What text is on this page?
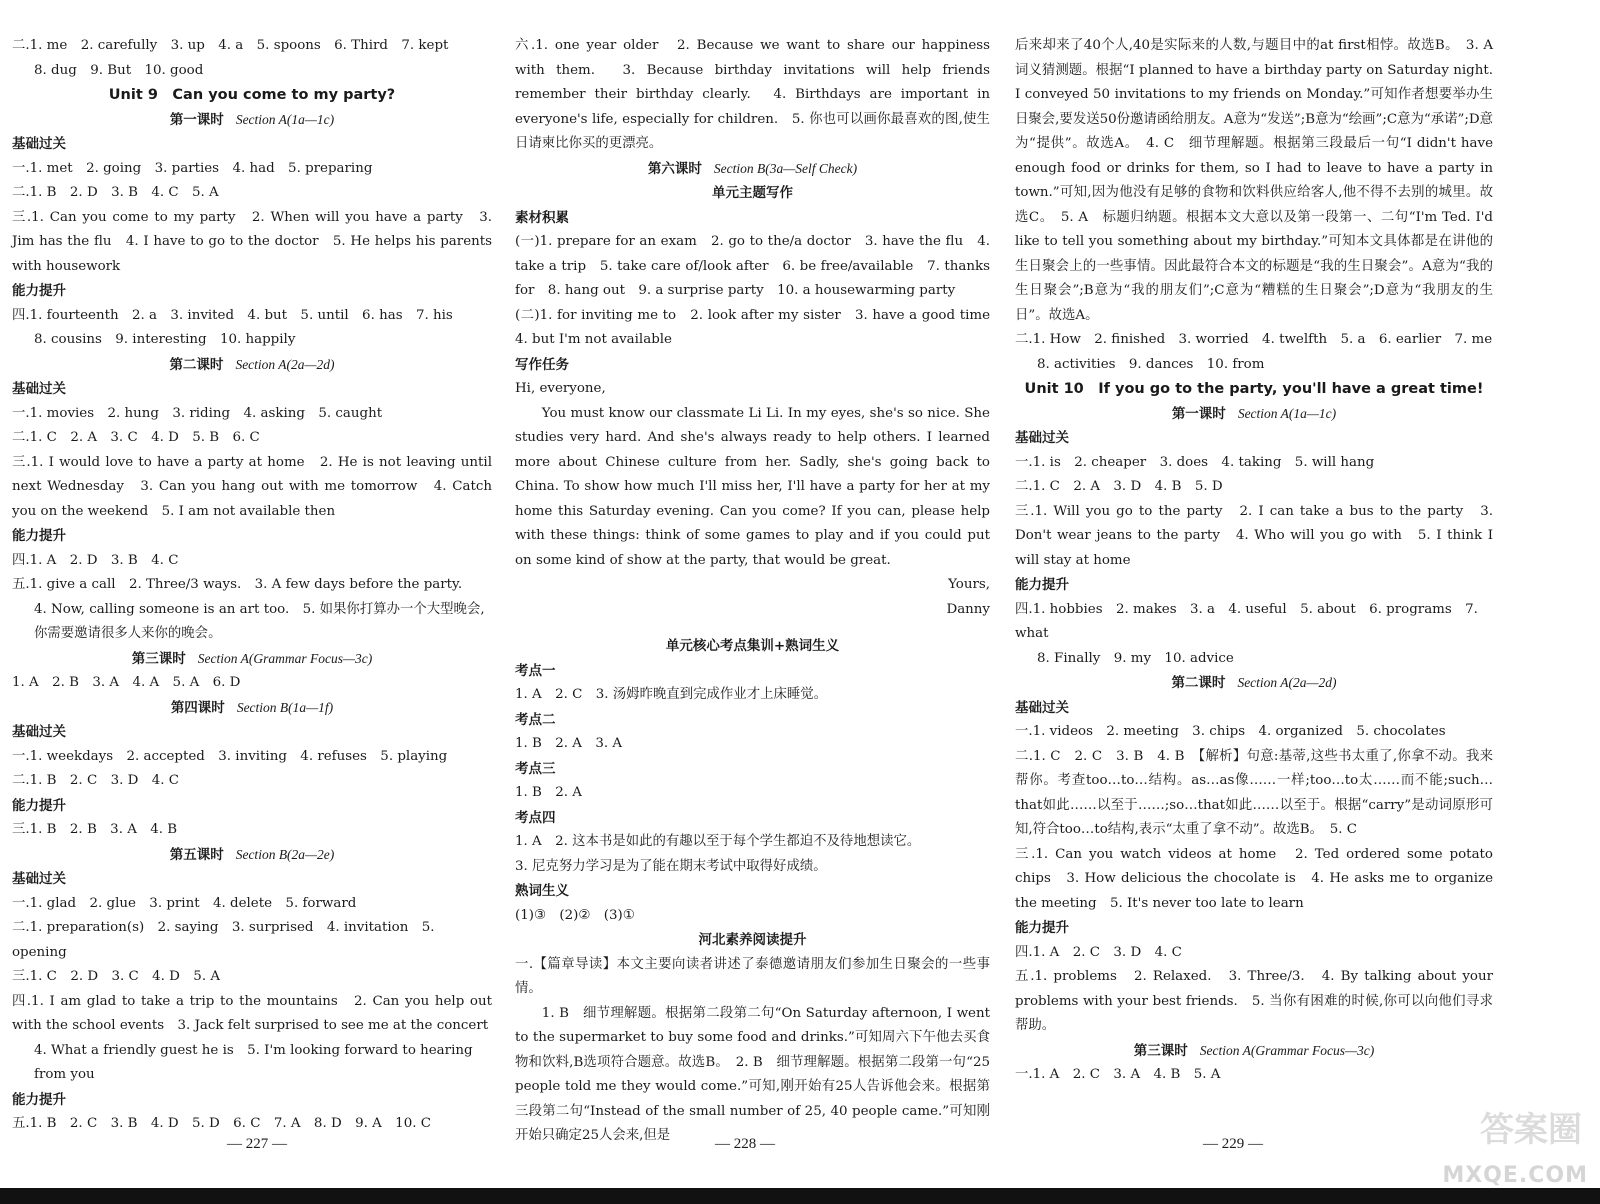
二.1. me　2. carefully　3. up　4. a　5. spoons　6. Third　7. kept
8. dug　9. But　10. good
Unit 9　Can you come to my party?
第一课时 Section A(1a—1c)
基础过关
一.1. met　2. going　3. parties　4. had　5. preparing
二.1. B　2. D　3. B　4. C　5. A
三.1. Can you come to my party　2. When will you have a party　3. Jim has the flu　4. I have to go to the doctor　5. He helps his parents with housework
能力提升
四.1. fourteenth　2. a　3. invited　4. but　5. until　6. has　7. his
8. cousins　9. interesting　10. happily
第二课时 Section A(2a—2d)
基础过关
一.1. movies　2. hung　3. riding　4. asking　5. caught
二.1. C　2. A　3. C　4. D　5. B　6. C
三.1. I would love to have a party at home　2. He is not leaving until next Wednesday　3. Can you hang out with me tomorrow　4. Catch you on the weekend　5. I am not available then
能力提升
四.1. A　2. D　3. B　4. C
五.1. give a call　2. Three/3 ways.　3. A few days before the party.
4. Now, calling someone is an art too.　5. 如果你打算办一个大型晚会,你需要邀请很多人来你的晚会。
第三课时 Section A(Grammar Focus—3c)
1. A　2. B　3. A　4. A　5. A　6. D
第四课时 Section B(1a—1f)
基础过关
一.1. weekdays　2. accepted　3. inviting　4. refuses　5. playing
二.1. B　2. C　3. D　4. C
能力提升
三.1. B　2. B　3. A　4. B
第五课时 Section B(2a—2e)
基础过关
一.1. glad　2. glue　3. print　4. delete　5. forward
二.1. preparation(s)　2. saying　3. surprised　4. invitation　5. opening
三.1. C　2. D　3. C　4. D　5. A
四.1. I am glad to take a trip to the mountains　2. Can you help out with the school events　3. Jack felt surprised to see me at the concert
4. What a friendly guest he is　5. I'm looking forward to hearing from you
能力提升
五.1. B　2. C　3. B　4. D　5. D　6. C　7. A　8. D　9. A　10. C
六.1. one year older　2. Because we want to share our happiness with them.　3. Because birthday invitations will help friends remember their birthday clearly.　4. Birthdays are important in everyone's life, especially for children.　5. 你也可以画你最喜欢的图,使生日请柬比你买的更漂亮。
第六课时 Section B(3a—Self Check)
单元主题写作
素材积累
(一)1. prepare for an exam　2. go to the/a doctor　3. have the flu　4. take a trip　5. take care of/look after　6. be free/available　7. thanks for　8. hang out　9. a surprise party　10. a housewarming party
(二)1. for inviting me to　2. look after my sister　3. have a good time　4. but I'm not available
写作任务
Hi, everyone,
You must know our classmate Li Li. In my eyes, she's so nice. She studies very hard. And she's always ready to help others. I learned more about Chinese culture from her. Sadly, she's going back to China. To show how much I'll miss her, I'll have a party for her at my home this Saturday evening. Can you come? If you can, please help with these things: think of some games to play and if you could put on some kind of show at the party, that would be great.
Yours,
Danny
单元核心考点集训+熟词生义
考点一
1. A　2. C　3. 汤姆昨晚直到完成作业才上床睡觉。
考点二
1. B　2. A　3. A
考点三
1. B　2. A
考点四
1. A　2. 这本书是如此的有趣以至于每个学生都迫不及待地想读它。
3. 尼克努力学习是为了能在期末考试中取得好成绩。
熟词生义
(1)③　(2)②　(3)①
河北素养阅读提升
一.【篇章导读】本文主要向读者讲述了泰德邀请朋友们参加生日聚会的一些事情。
1. B　细节理解题。根据第二段第二句“On Saturday afternoon, I went to the supermarket to buy some food and drinks.”可知周六下午他去买食物和饮料,B选项符合题意。故选B。　2. B　细节理解题。根据第二段第一句“25 people told me they would come.”可知,刚开始有25人告诉他会来。根据第三段第二句“Instead of the small number of 25, 40 people came.”可知刚开始只确定25人会来,但是
后来却来了40个人,40是实际来的人数,与题目中的at first相悖。故选B。　3. A　词义猜测题。根据“I planned to have a birthday party on Saturday night. I conveyed 50 invitations to my friends on Monday.”可知作者想要举办生日聚会,要发送50份邀请函给朋友。A意为“发送”;B意为“绘画”;C意为“承诺”;D意为“提供”。故选A。　4. C　细节理解题。根据第三段最后一句“I didn't have enough food or drinks for them, so I had to leave to have a party in town.”可知,因为他没有足够的食物和饮料供应给客人,他不得不去别的城里。故选C。　5. A　标题归纳题。根据本文大意以及第一段第一、二句“I'm Ted. I'd like to tell you something about my birthday.”可知本文具体都是在讲他的生日聚会上的一些事情。因此最符合本文的标题是“我的生日聚会”。A意为“我的生日聚会”;B意为“我的朋友们”;C意为“糟糕的生日聚会”;D意为“我朋友的生日”。故选A。
二.1. How　2. finished　3. worried　4. twelfth　5. a　6. earlier　7. me
8. activities　9. dances　10. from
Unit 10　If you go to the party, you'll have a great time!
第一课时 Section A(1a—1c)
基础过关
一.1. is　2. cheaper　3. does　4. taking　5. will hang
二.1. C　2. A　3. D　4. B　5. D
三.1. Will you go to the party　2. I can take a bus to the party　3. Don't wear jeans to the party　4. Who will you go with　5. I think I will stay at home
能力提升
四.1. hobbies　2. makes　3. a　4. useful　5. about　6. programs　7. what
8. Finally　9. my　10. advice
第二课时 Section A(2a—2d)
基础过关
一.1. videos　2. meeting　3. chips　4. organized　5. chocolates
二.1. C　2. C　3. B　4. B　【解析】句意:基蒂,这些书太重了,你拿不动。我来帮你。考查too…to…结构。as…as像……一样;too…to太……而不能;such…that如此……以至于……;so…that如此……以至于。根据“carry”是动词原形可知,符合too…to结构,表示“太重了拿不动”。故选B。　5. C
三.1. Can you watch videos at home　2. Ted ordered some potato chips　3. How delicious the chocolate is　4. He asks me to organize the meeting　5. It's never too late to learn
能力提升
四.1. A　2. C　3. D　4. C
五.1. problems　2. Relaxed.　3. Three/3.　4. By talking about your problems with your best friends.　5. 当你有困难的时候,你可以向他们寻求帮助。
第三课时 Section A(Grammar Focus—3c)
一.1. A　2. C　3. A　4. B　5. A
— 227 —	— 228 —	— 229 —	答案圈
MXQE.COM
